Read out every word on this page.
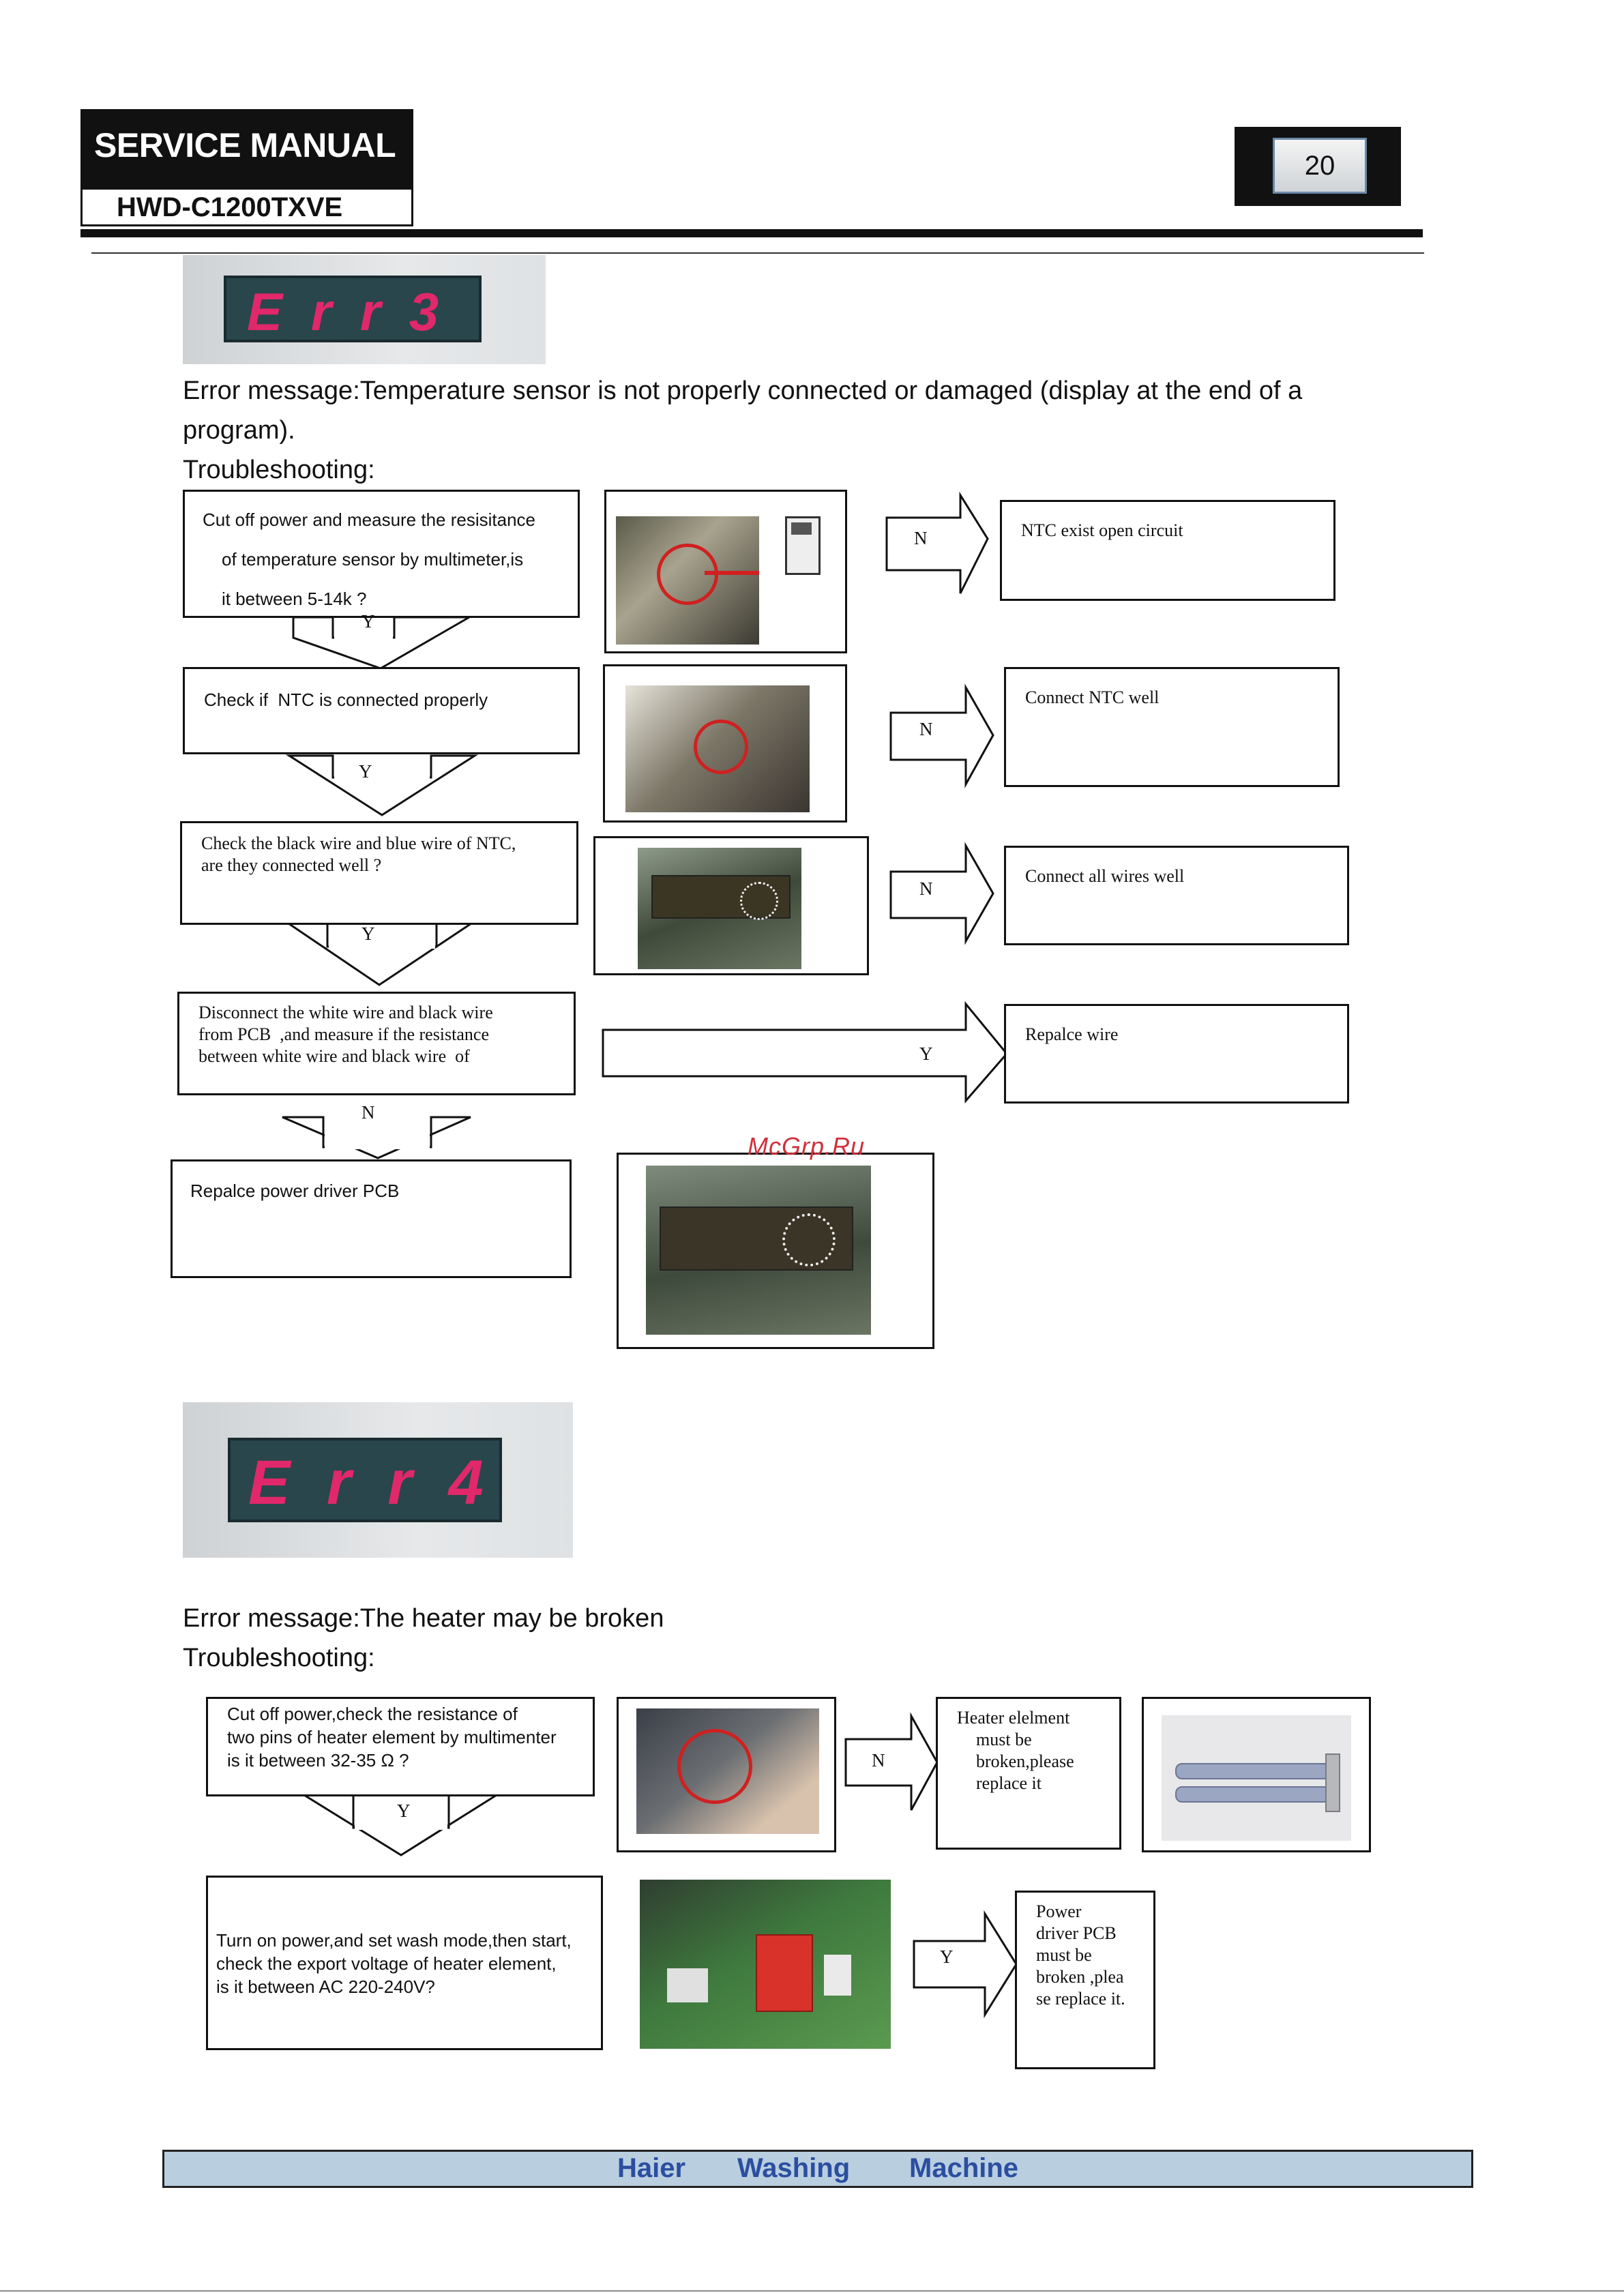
SERVICE MANUAL
HWD-C1200TXVE
20
E r r 3
Error message:Temperature sensor is not properly connected or damaged (display at the end of a
program).
Troubleshooting:
Cut off power and measure the resisitance
of temperature sensor by multimeter,is
it between 5-14k ?
Check if  NTC is connected properly
Check the black wire and blue wire of NTC,
are they connected well ?
Disconnect the white wire and black wire
from PCB  ,and measure if the resistance
between white wire and black wire  of
Repalce power driver PCB
Y
Y
Y
N
N
N
N
Y
NTC exist open circuit
Connect NTC well
Connect all wires well
Repalce wire
McGrp.Ru
E r r 4
Error message:The heater may be broken
Troubleshooting:
Cut off power,check the resistance of
two pins of heater element by multimenter
is it between 32-35 Ω ?
Turn on power,and set wash mode,then start,
check the export voltage of heater element,
is it between AC 220-240V?
N
Y
Y
Heater elelment
must be
broken,please
replace it
Power
driver PCB
must be
broken ,plea
se replace it.
Haier Washing Machine
